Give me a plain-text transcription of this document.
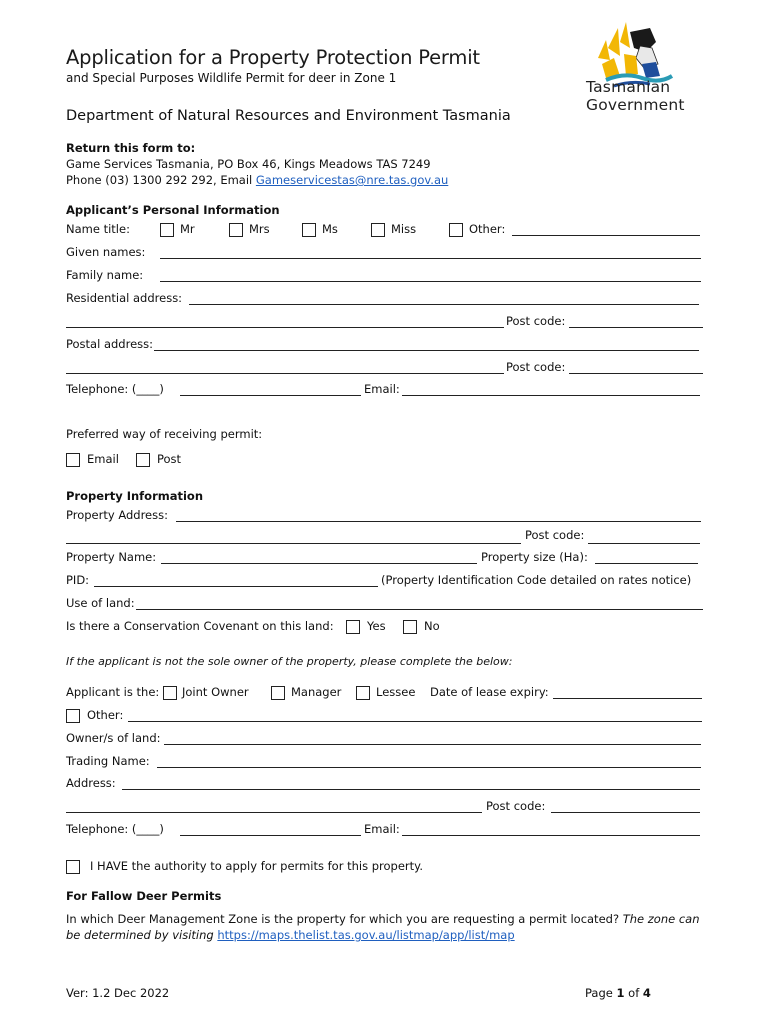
Application for a Property Protection Permit
and Special Purposes Wildlife Permit for deer in Zone 1
Department of Natural Resources and Environment Tasmania
Tasmanian
Government
Return this form to:
Game Services Tasmania, PO Box 46, Kings Meadows TAS 7249
Phone (03) 1300 292 292, Email Gameservicestas@nre.tas.gov.au
Applicant’s Personal Information
Name title:	Mr	Mrs	Ms	Miss	Other:
Given names:
Family name:
Residential address:
Post code:
Postal address:
Post code:
Telephone: (____)	Email:
Preferred way of receiving permit:
Email	Post
Property Information
Property Address:
Post code:
Property Name:	Property size (Ha):
PID:	(Property Identification Code detailed on rates notice)
Use of land:
Is there a Conservation Covenant on this land:	Yes	No
If the applicant is not the sole owner of the property, please complete the below:
Applicant is the: Joint Owner	Manager	Lessee Date of lease expiry:
Other:
Owner/s of land:
Trading Name:
Address:
Post code:
Telephone: (____)	Email:
I HAVE the authority to apply for permits for this property.
For Fallow Deer Permits
In which Deer Management Zone is the property for which you are requesting a permit located? The zone can
be determined by visiting https://maps.thelist.tas.gov.au/listmap/app/list/map
Ver: 1.2 Dec 2022	Page 1 of 4
